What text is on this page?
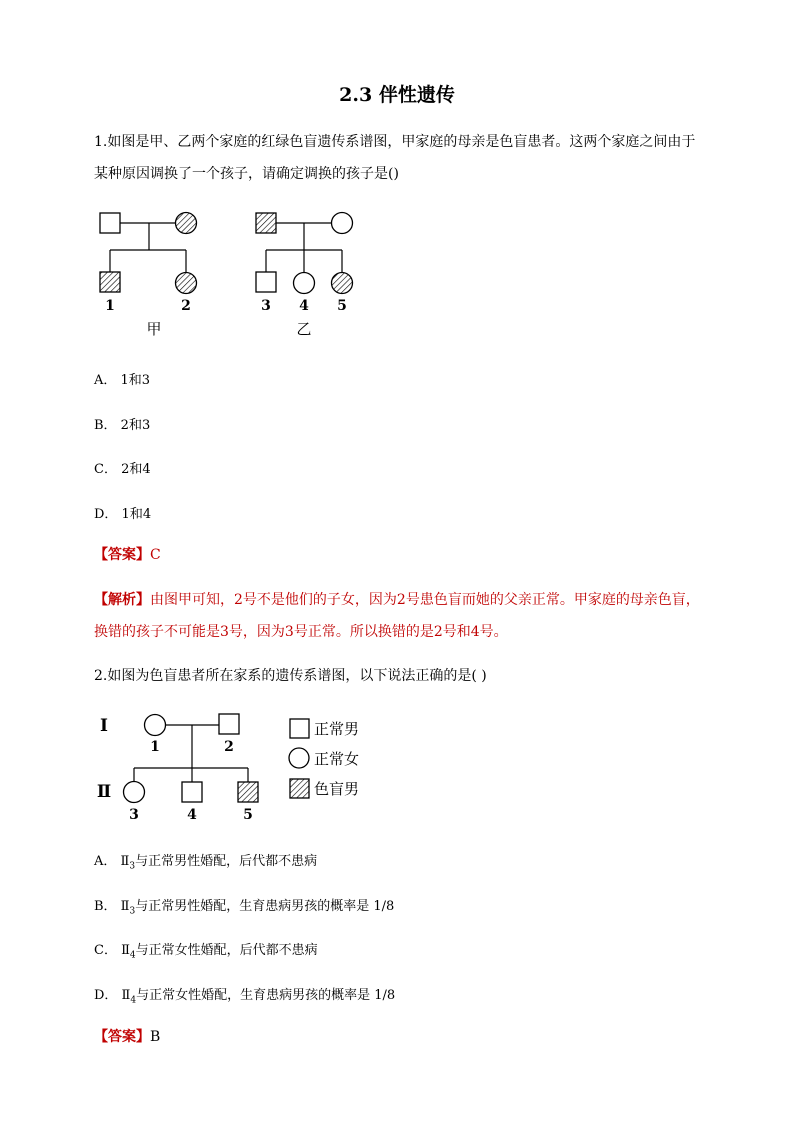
2.3 伴性遗传
1.如图是甲、乙两个家庭的红绿色盲遗传系谱图，甲家庭的母亲是色盲患者。这两个家庭之间由于
某种原因调换了一个孩子，请确定调换的孩子是()
1	2
甲
3 4 5
乙
A． 1和3
B． 2和3
C． 2和4
D． 1和4
【答案】C
【解析】由图甲可知，2号不是他们的子女，因为2号患色盲而她的父亲正常。甲家庭的母亲色盲，
换错的孩子不可能是3号，因为3号正常。所以换错的是2号和4号。
2.如图为色盲患者所在家系的遗传系谱图，以下说法正确的是( )
I
Ⅱ
1	2
3	4	5
正常男
正常女
色盲男
A． $Ⅱ_3$与正常男性婚配，后代都不患病
B． $Ⅱ_3$与正常男性婚配，生育患病男孩的概率是 1/8
C． $Ⅱ_4$与正常女性婚配，后代都不患病
D． $Ⅱ_4$与正常女性婚配，生育患病男孩的概率是 1/8
【答案】B
